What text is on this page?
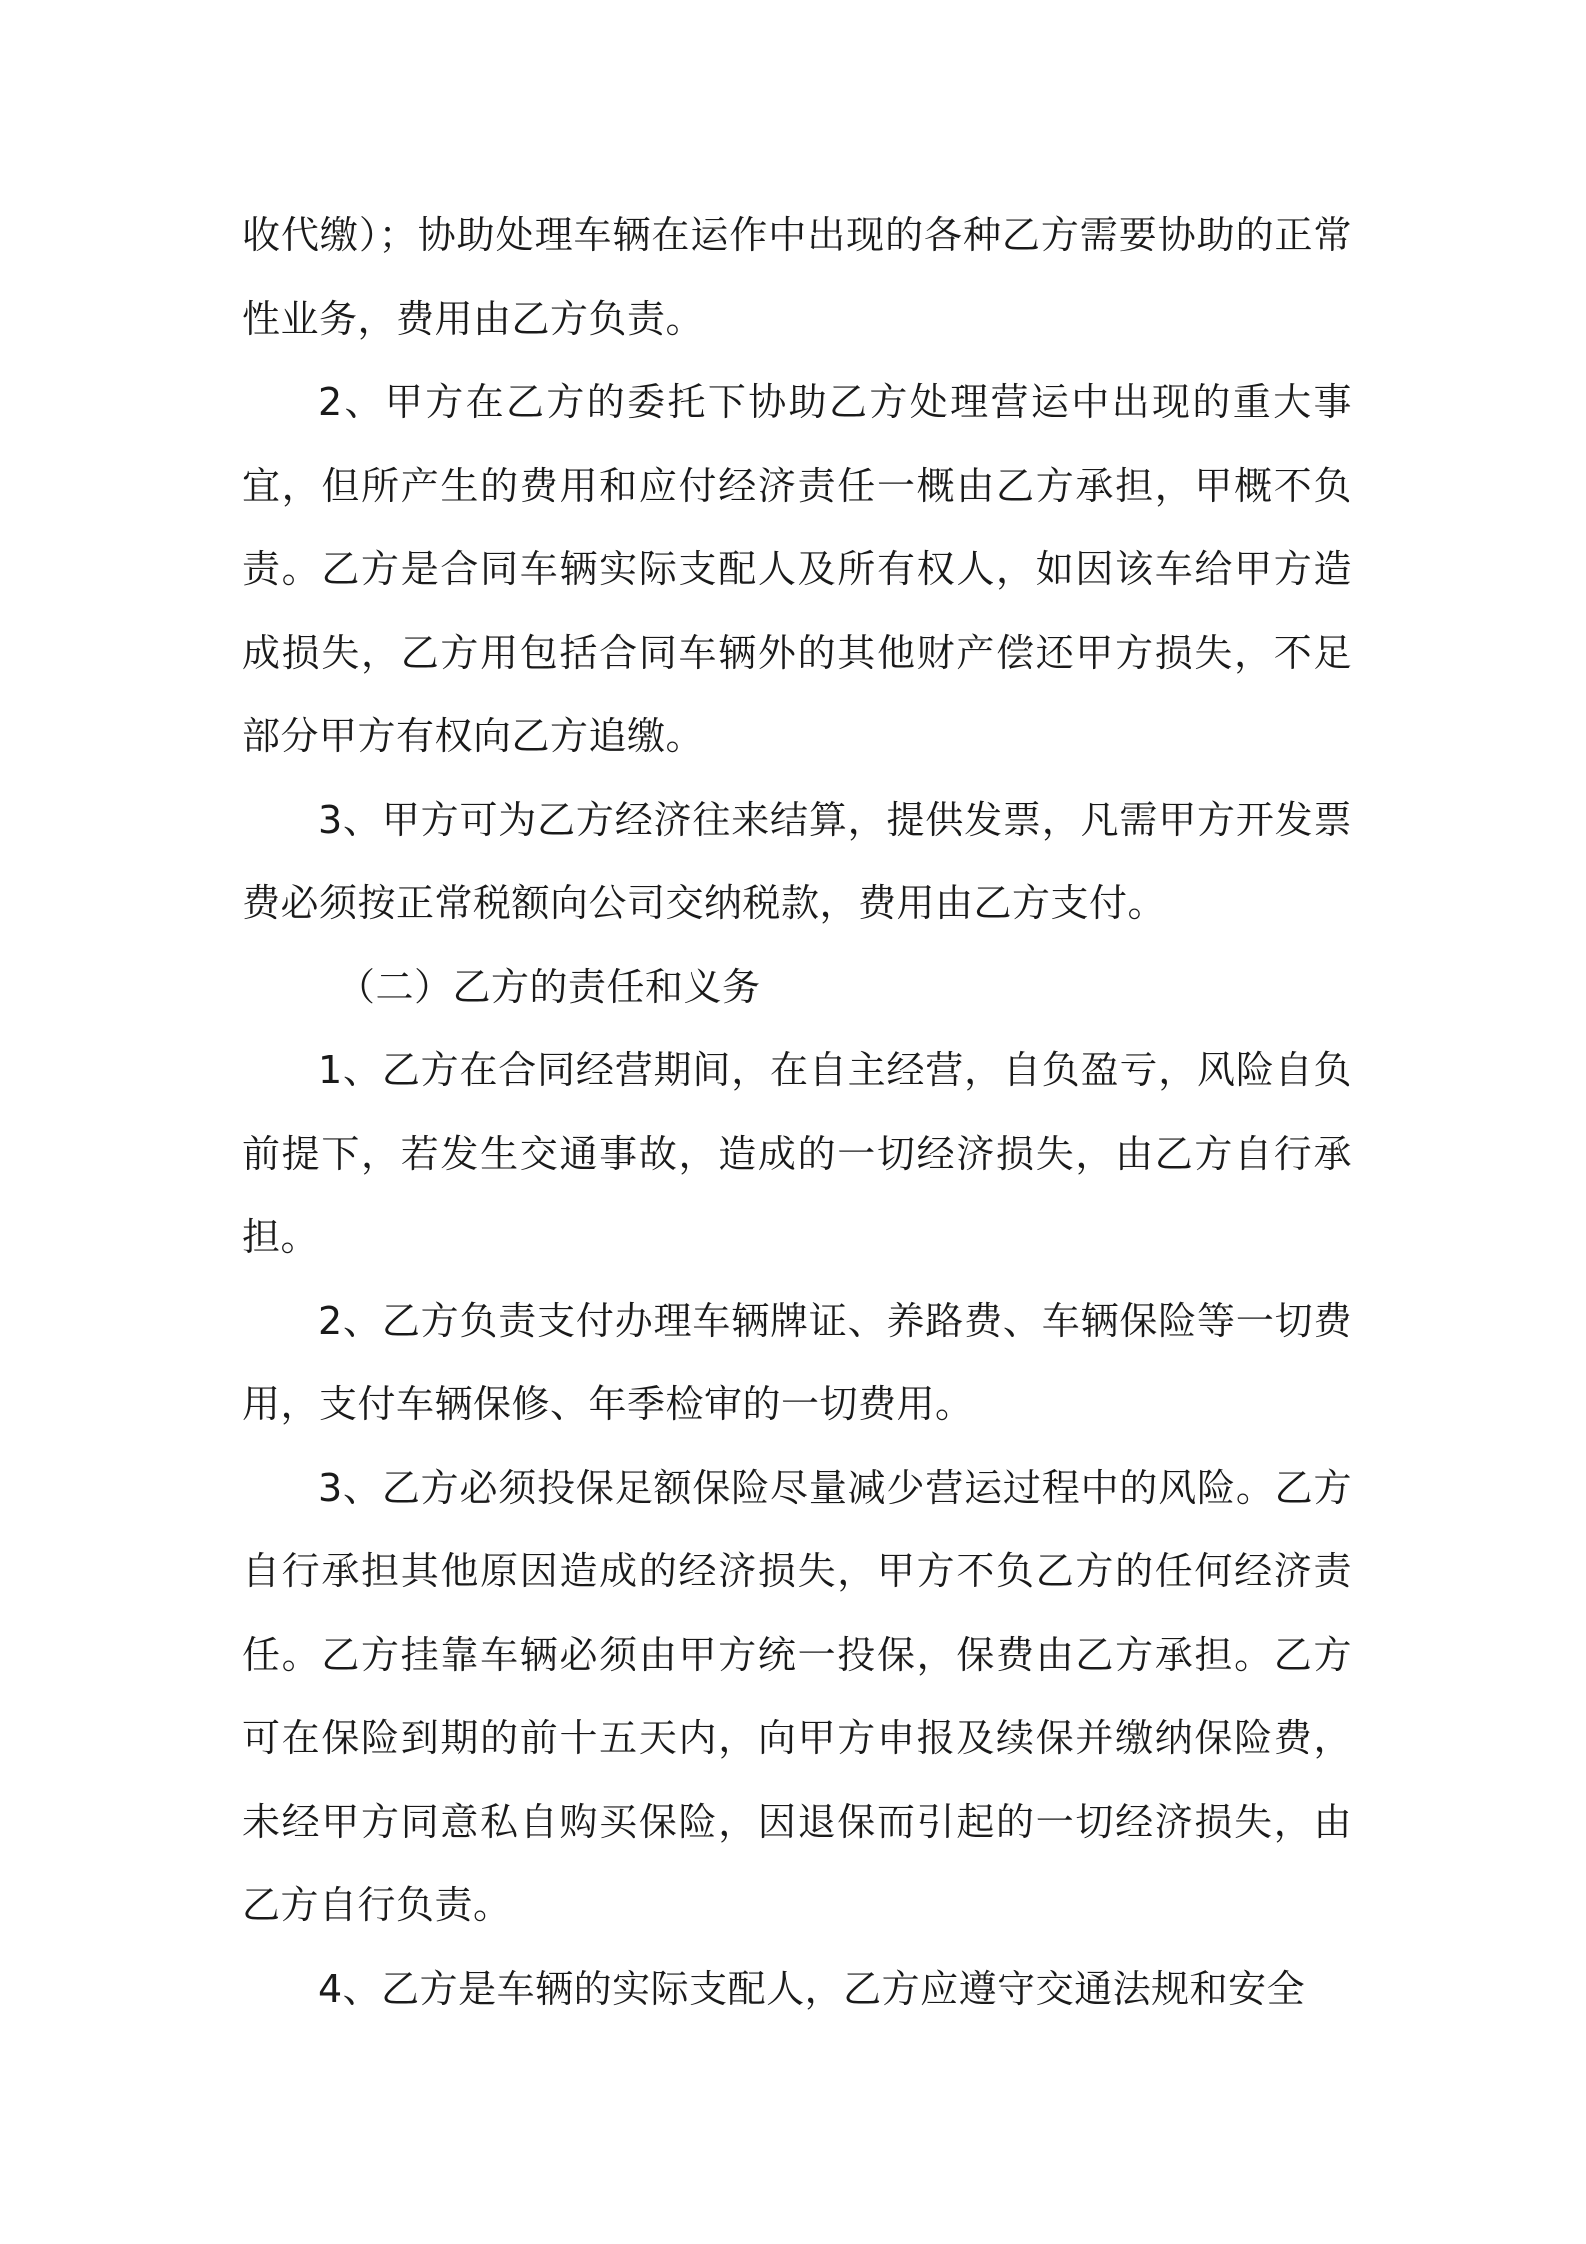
收代缴）；协助处理车辆在运作中出现的各种乙方需要协助的正常性业务，费用由乙方负责。

2、甲方在乙方的委托下协助乙方处理营运中出现的重大事宜，但所产生的费用和应付经济责任一概由乙方承担，甲概不负责。乙方是合同车辆实际支配人及所有权人，如因该车给甲方造成损失，乙方用包括合同车辆外的其他财产偿还甲方损失，不足部分甲方有权向乙方追缴。

3、甲方可为乙方经济往来结算，提供发票，凡需甲方开发票费必须按正常税额向公司交纳税款，费用由乙方支付。

（二）乙方的责任和义务

1、乙方在合同经营期间，在自主经营，自负盈亏，风险自负前提下，若发生交通事故，造成的一切经济损失，由乙方自行承担。

2、乙方负责支付办理车辆牌证、养路费、车辆保险等一切费用，支付车辆保修、年季检审的一切费用。

3、乙方必须投保足额保险尽量减少营运过程中的风险。乙方自行承担其他原因造成的经济损失，甲方不负乙方的任何经济责任。乙方挂靠车辆必须由甲方统一投保，保费由乙方承担。乙方可在保险到期的前十五天内，向甲方申报及续保并缴纳保险费，未经甲方同意私自购买保险，因退保而引起的一切经济损失，由乙方自行负责。

4、乙方是车辆的实际支配人，乙方应遵守交通法规和安全
